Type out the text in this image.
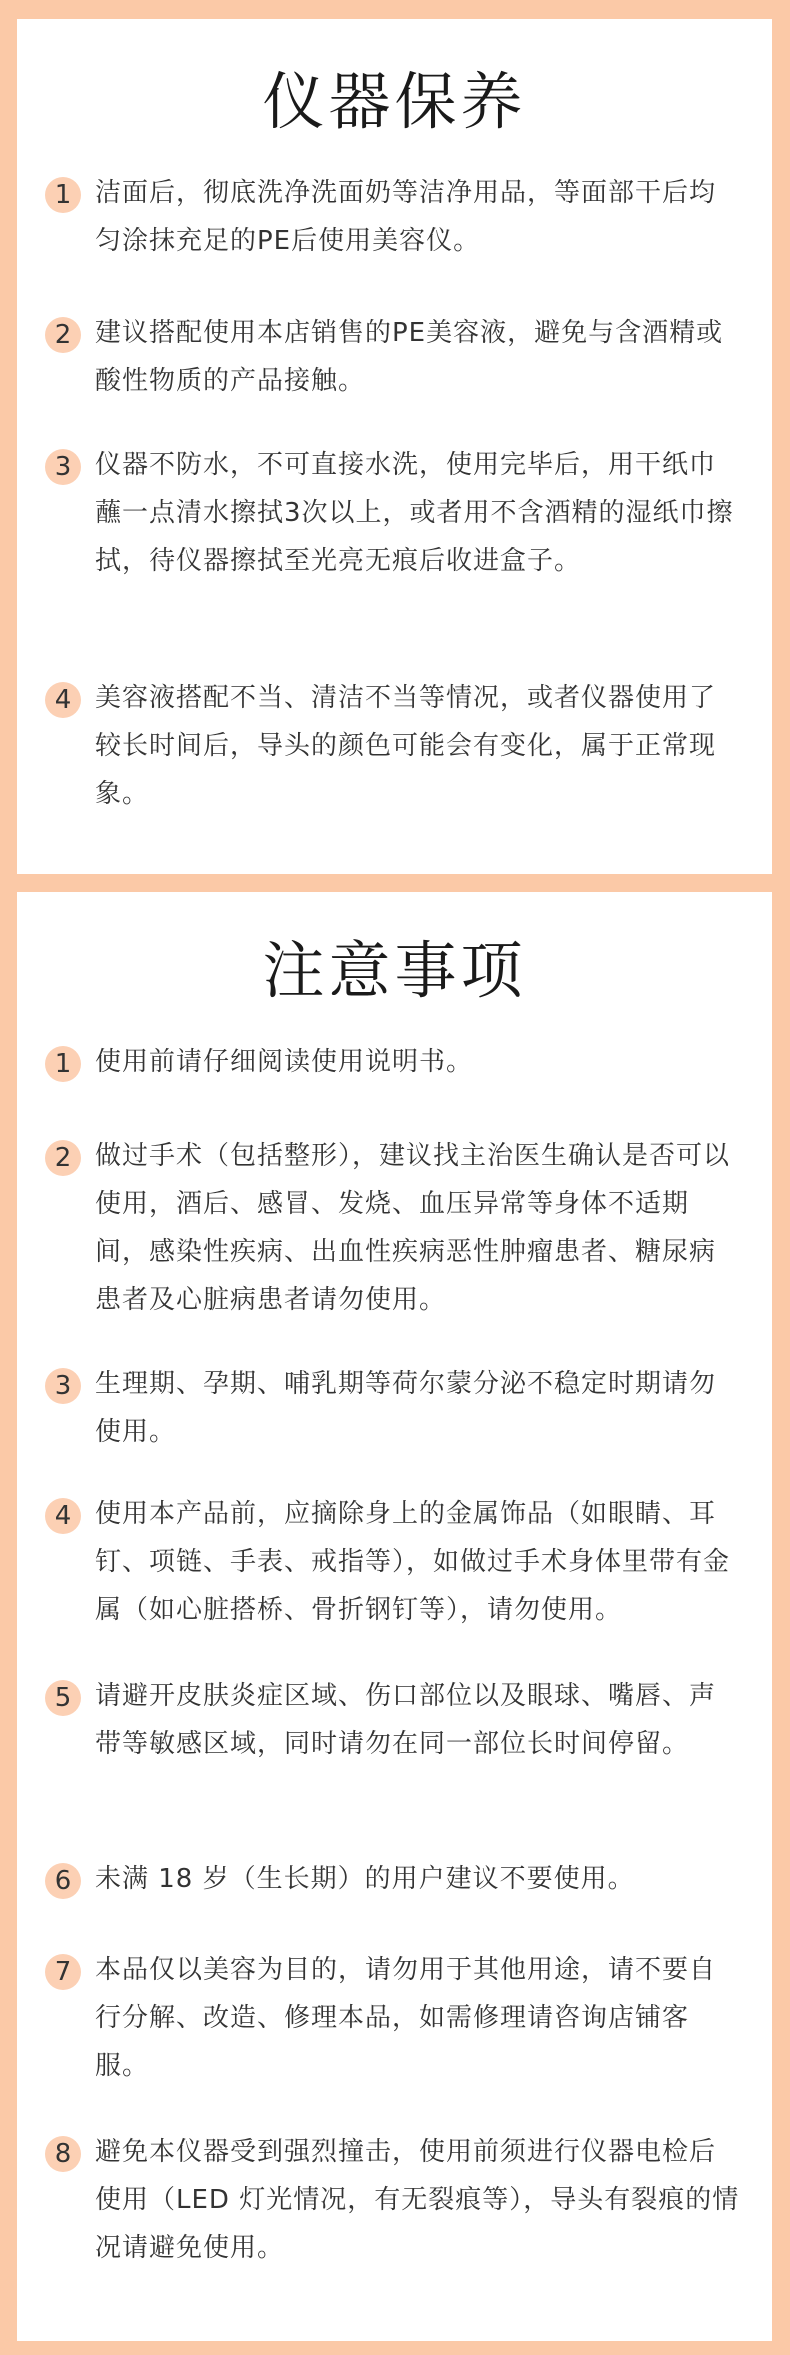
仪器保养
1 洁面后，彻底洗净洗面奶等洁净用品，等面部干后均匀涂抹充足的PE后使用美容仪。

2 建议搭配使用本店销售的PE美容液，避免与含酒精或酸性物质的产品接触。

3 仪器不防水，不可直接水洗，使用完毕后，用干纸巾蘸一点清水擦拭3次以上，或者用不含酒精的湿纸巾擦拭，待仪器擦拭至光亮无痕后收进盒子。

4 美容液搭配不当、清洁不当等情况，或者仪器使用了较长时间后，导头的颜色可能会有变化，属于正常现象。

注意事项
1 使用前请仔细阅读使用说明书。

2 做过手术（包括整形），建议找主治医生确认是否可以使用，酒后、感冒、发烧、血压异常等身体不适期间，感染性疾病、出血性疾病恶性肿瘤患者、糖尿病患者及心脏病患者请勿使用。

3 生理期、孕期、哺乳期等荷尔蒙分泌不稳定时期请勿使用。

4 使用本产品前，应摘除身上的金属饰品（如眼睛、耳钉、项链、手表、戒指等），如做过手术身体里带有金属（如心脏搭桥、骨折钢钉等），请勿使用。

5 请避开皮肤炎症区域、伤口部位以及眼球、嘴唇、声带等敏感区域，同时请勿在同一部位长时间停留。

6 未满 18 岁（生长期）的用户建议不要使用。

7 本品仅以美容为目的，请勿用于其他用途，请不要自行分解、改造、修理本品，如需修理请咨询店铺客服。

8 避免本仪器受到强烈撞击，使用前须进行仪器电检后使用（LED 灯光情况，有无裂痕等），导头有裂痕的情况请避免使用。
